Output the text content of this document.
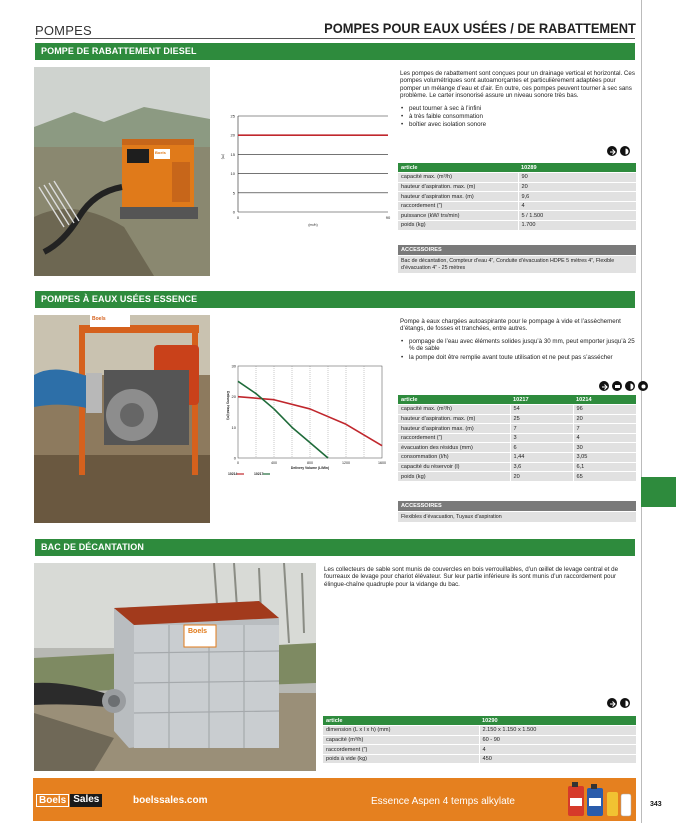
343
POMPES	POMPES POUR EAUX USÉES / DE RABATTEMENT
POMPE DE RABATTEMENT DIESEL
Boels
0
5
10
15
20
25
0	90
(m³/h)
(m)

Les pompes de rabattement sont conçues pour un drainage vertical et horizontal. Ces pompes volumétriques sont autoamorçantes et particulièrement adaptées pour pomper un mélange d’eau et d’air. En outre, ces pompes peuvent tourner à sec sans problème. Le carter insonorisé assure un niveau sonore très bas.

• peut tourner à sec à l’infini
• à très faible consommation
• boîtier avec isolation sonore
article	10289
capacité max. (m³/h)	90
hauteur d’aspiration. max. (m)	20
hauteur d’aspiration max. (m)	9,6
raccordement (”)	4
puissance (kW/ trs/min)	5 / 1.500
poids (kg)	1.700
ACCESSOIRES
Bac de décantation, Compteur d’eau 4”, Conduite d’évacuation HDPE 5 mètres 4”, Flexible d’évacuation 4” - 25 mètres
POMPES À EAUX USÉES ESSENCE
Boels
0
10
20
30
0	400	800	1200	1600
Delivery Volume (L/Min)
Delivery Head (m)
10214	10217

Pompe à eaux chargées autoaspirante pour le pompage à vide et l’assèchement d’étangs, de fosses et tranchées, entre autres.

• pompage de l’eau avec éléments solides jusqu’à 30 mm, peut emporter jusqu’à 25 % de sable
• la pompe doit être remplie avant toute utilisation et ne peut pas s’assécher
article	10217	10214
capacité max. (m³/h)	54	96
hauteur d’aspiration. max. (m)	25	20
hauteur d’aspiration max. (m)	7	7
raccordement (”)	3	4
évacuation des résidus (mm)	6	30
consommation (l/h)	1,44	3,05
capacité du réservoir (l)	3,6	6,1
poids (kg)	20	65
ACCESSOIRES
Flexibles d’évacuation, Tuyaux d’aspiration
BAC DE DÉCANTATION
Boels

Les collecteurs de sable sont munis de couvercles en bois verrouillables, d’un œillet de levage central et de fourreaux de levage pour chariot élévateur. Sur leur partie inférieure ils sont munis d’un raccordement pour élingue-chaîne quadruple pour la vidange du bac.

article	10290
dimension (L x l x h) (mm)	2.150 x 1.150 x 1.500
capacité (m³/h)	60 - 90
raccordement (”)	4
poids à vide (kg)	450
Boels Sales	boelssales.com	Essence Aspen 4 temps alkylate
